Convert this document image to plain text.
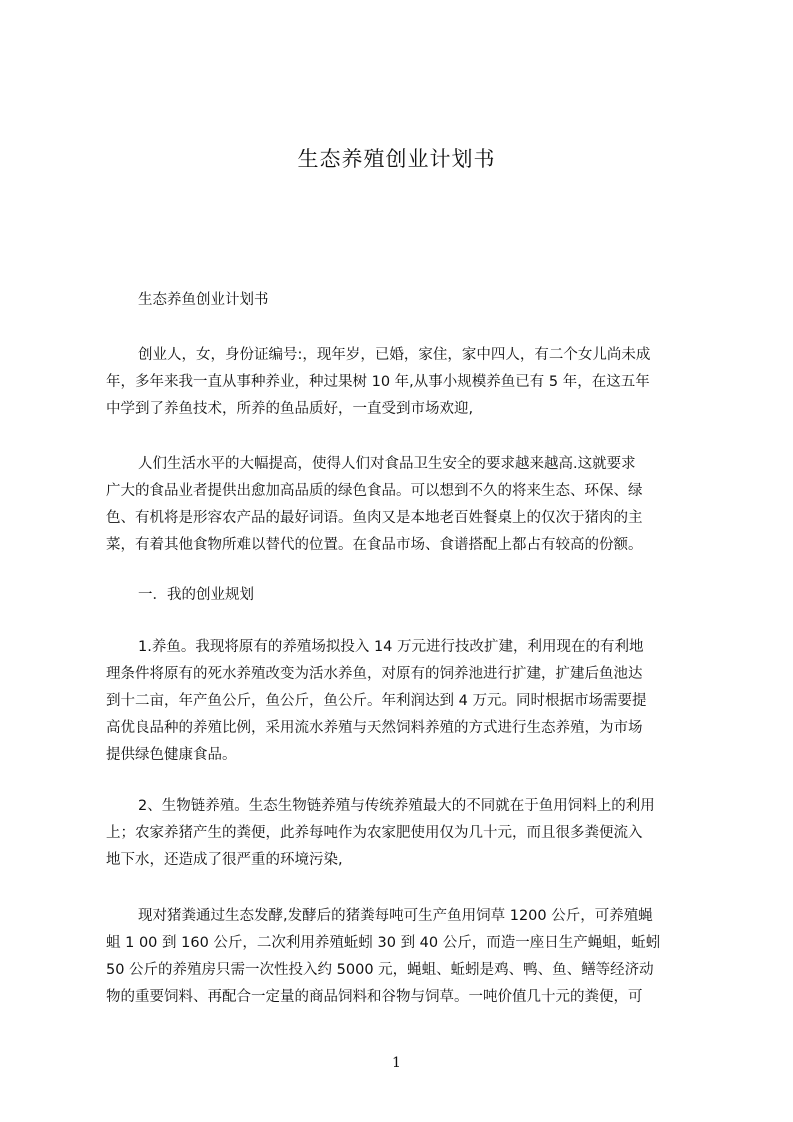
生态养殖创业计划书
生态养鱼创业计划书
创业人，女，身份证编号:，现年岁，已婚，家住，家中四人，有二个女儿尚未成
年，多年来我一直从事种养业，种过果树 10 年,从事小规模养鱼已有 5 年，在这五年
中学到了养鱼技术，所养的鱼品质好，一直受到市场欢迎,
人们生活水平的大幅提高，使得人们对食品卫生安全的要求越来越高.这就要求
广大的食品业者提供出愈加高品质的绿色食品。可以想到不久的将来生态、环保、绿
色、有机将是形容农产品的最好词语。鱼肉又是本地老百姓餐桌上的仅次于猪肉的主
菜，有着其他食物所难以替代的位置。在食品市场、食谱搭配上都占有较高的份额。
一．我的创业规划
1.养鱼。我现将原有的养殖场拟投入 14 万元进行技改扩建，利用现在的有利地
理条件将原有的死水养殖改变为活水养鱼，对原有的饲养池进行扩建，扩建后鱼池达
到十二亩，年产鱼公斤，鱼公斤，鱼公斤。年利润达到 4 万元。同时根据市场需要提
高优良品种的养殖比例，采用流水养殖与天然饲料养殖的方式进行生态养殖，为市场
提供绿色健康食品。
2、生物链养殖。生态生物链养殖与传统养殖最大的不同就在于鱼用饲料上的利用
上；农家养猪产生的粪便，此养每吨作为农家肥使用仅为几十元，而且很多粪便流入
地下水，还造成了很严重的环境污染,
现对猪粪通过生态发酵,发酵后的猪粪每吨可生产鱼用饲草 1200 公斤，可养殖蝇
蛆 1 00 到 160 公斤，二次利用养殖蚯蚓 30 到 40 公斤，而造一座日生产蝇蛆，蚯蚓
50 公斤的养殖房只需一次性投入约 5000 元，蝇蛆、蚯蚓是鸡、鸭、鱼、鳝等经济动
物的重要饲料、再配合一定量的商品饲料和谷物与饲草。一吨价值几十元的粪便，可
1
